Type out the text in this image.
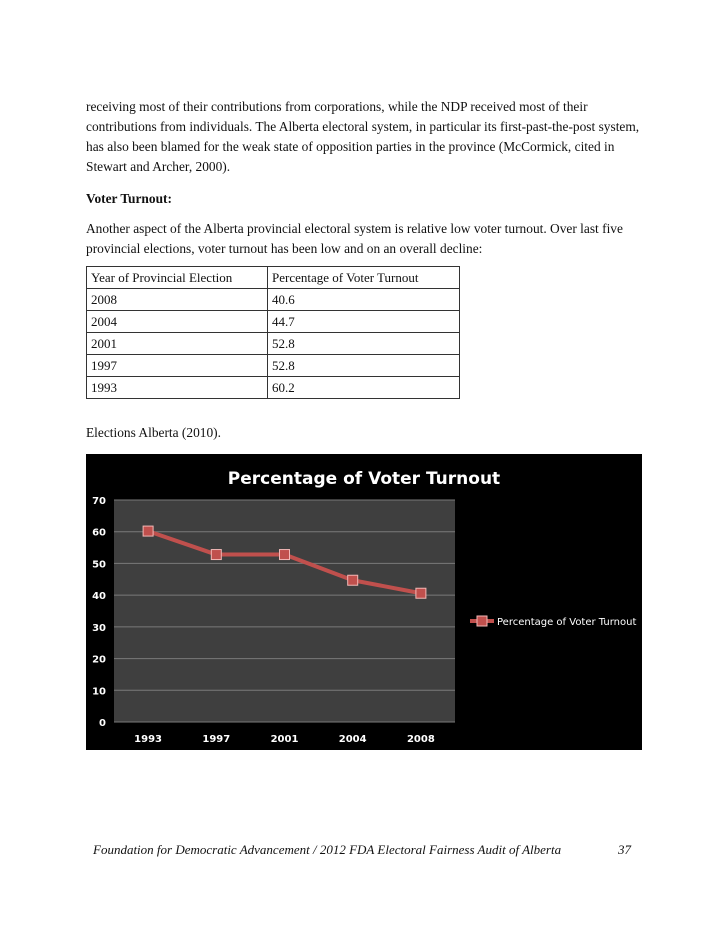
receiving most of their contributions from corporations, while the NDP received most of their contributions from individuals. The Alberta electoral system, in particular its first-past-the-post system, has also been blamed for the weak state of opposition parties in the province (McCormick, cited in Stewart and Archer, 2000).

Voter Turnout:

Another aspect of the Alberta provincial electoral system is relative low voter turnout. Over last five provincial elections, voter turnout has been low and on an overall decline:

Year of Provincial Election	Percentage of Voter Turnout
2008	40.6
2004	44.7
2001	52.8
1997	52.8
1993	60.2

Elections Alberta (2010).

Percentage of Voter Turnout
0
10
20
30
40
50
60
70
1993	1997	2001	2004	2008
Percentage of Voter Turnout
Foundation for Democratic Advancement / 2012 FDA Electoral Fairness Audit of Alberta	37
